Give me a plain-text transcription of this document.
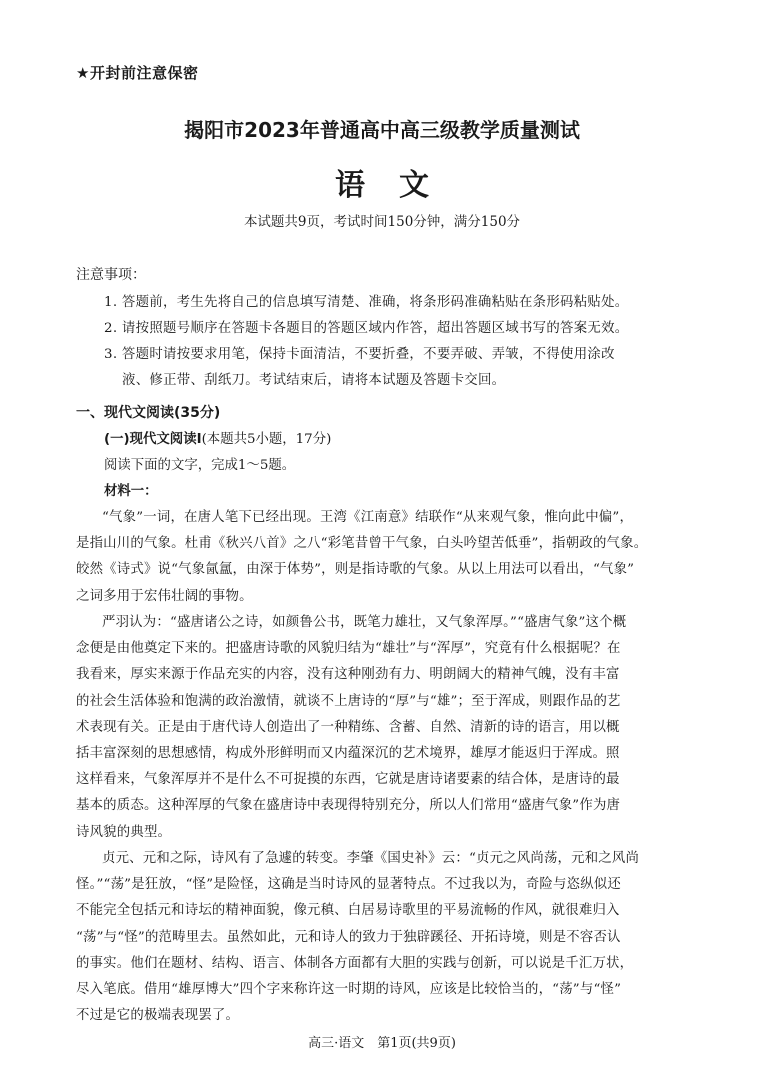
★开封前注意保密
揭阳市2023年普通高中高三级教学质量测试
语文
本试题共9页，考试时间150分钟，满分150分
注意事项：
1. 答题前，考生先将自己的信息填写清楚、准确，将条形码准确粘贴在条形码粘贴处。
2. 请按照题号顺序在答题卡各题目的答题区域内作答，超出答题区域书写的答案无效。
3. 答题时请按要求用笔，保持卡面清洁，不要折叠，不要弄破、弄皱，不得使用涂改
液、修正带、刮纸刀。考试结束后，请将本试题及答题卡交回。
一、现代文阅读(35分)
(一)现代文阅读Ⅰ(本题共5小题，17分)
阅读下面的文字，完成1～5题。
材料一：
“气象”一词，在唐人笔下已经出现。王湾《江南意》结联作“从来观气象，惟向此中偏”，
是指山川的气象。杜甫《秋兴八首》之八“彩笔昔曾干气象，白头吟望苦低垂”，指朝政的气象。
皎然《诗式》说“气象氤氲，由深于体势”，则是指诗歌的气象。从以上用法可以看出，“气象”
之词多用于宏伟壮阔的事物。
严羽认为：“盛唐诸公之诗，如颜鲁公书，既笔力雄壮，又气象浑厚。”“盛唐气象”这个概
念便是由他奠定下来的。把盛唐诗歌的风貌归结为“雄壮”与“浑厚”，究竟有什么根据呢？在
我看来，厚实来源于作品充实的内容，没有这种刚劲有力、明朗阔大的精神气魄，没有丰富
的社会生活体验和饱满的政治激情，就谈不上唐诗的“厚”与“雄”；至于浑成，则跟作品的艺
术表现有关。正是由于唐代诗人创造出了一种精练、含蓄、自然、清新的诗的语言，用以概
括丰富深刻的思想感情，构成外形鲜明而又内蕴深沉的艺术境界，雄厚才能返归于浑成。照
这样看来，气象浑厚并不是什么不可捉摸的东西，它就是唐诗诸要素的结合体，是唐诗的最
基本的质态。这种浑厚的气象在盛唐诗中表现得特别充分，所以人们常用“盛唐气象”作为唐
诗风貌的典型。
贞元、元和之际，诗风有了急遽的转变。李肇《国史补》云：“贞元之风尚荡，元和之风尚
怪。”“荡”是狂放，“怪”是险怪，这确是当时诗风的显著特点。不过我以为，奇险与恣纵似还
不能完全包括元和诗坛的精神面貌，像元稹、白居易诗歌里的平易流畅的作风，就很难归入
“荡”与“怪”的范畴里去。虽然如此，元和诗人的致力于独辟蹊径、开拓诗境，则是不容否认
的事实。他们在题材、结构、语言、体制各方面都有大胆的实践与创新，可以说是千汇万状，
尽入笔底。借用“雄厚博大”四个字来称许这一时期的诗风，应该是比较恰当的，“荡”与“怪”
不过是它的极端表现罢了。
高三·语文　第1页(共9页)
